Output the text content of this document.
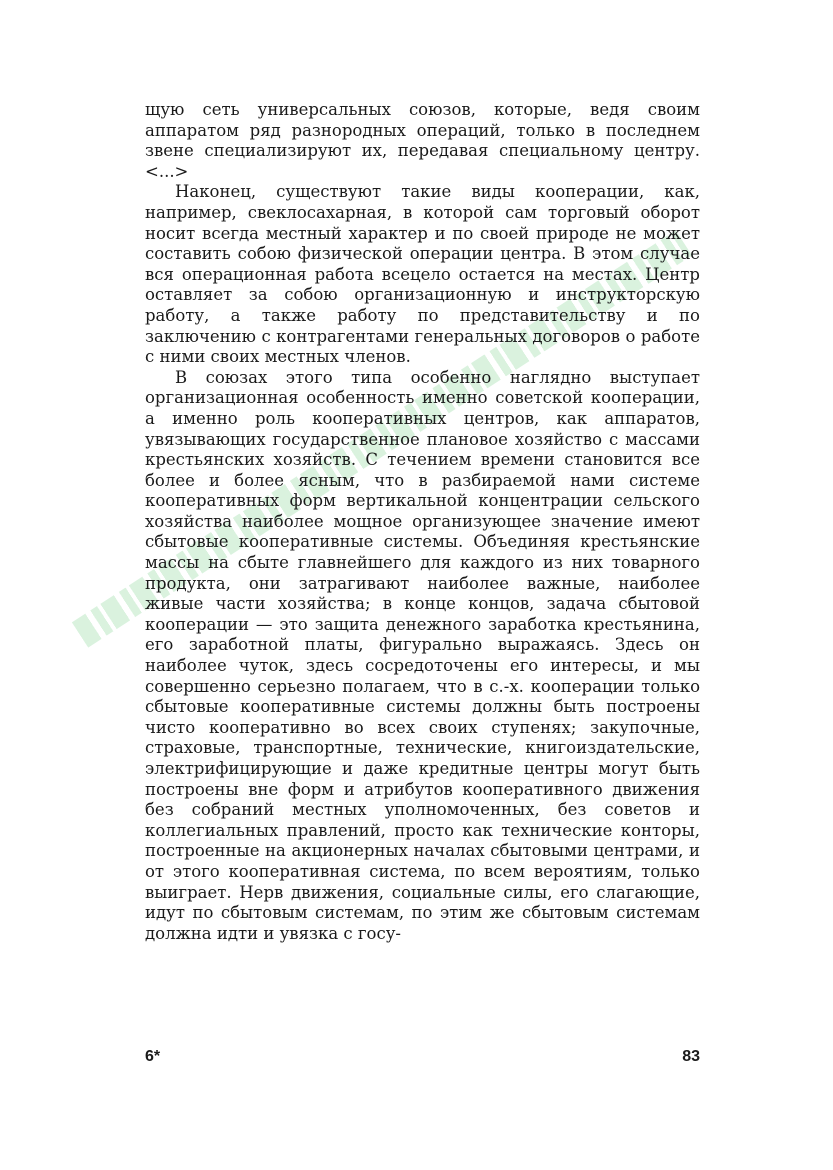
щую сеть универсальных союзов, которые, ведя своим аппаратом ряд разнородных операций, только в последнем звене специализируют их, передавая специальному центру. <...>

Наконец, существуют такие виды кооперации, как, например, свеклосахарная, в которой сам торговый оборот носит всегда местный характер и по своей природе не может составить собою физической операции центра. В этом случае вся операционная работа всецело остается на местах. Центр оставляет за собою организационную и инструкторскую работу, а также работу по представительству и по заключению с контрагентами генеральных договоров о работе с ними своих местных членов.

В союзах этого типа особенно наглядно выступает организационная особенность именно советской кооперации, а именно роль кооперативных центров, как аппаратов, увязывающих государственное плановое хозяйство с массами крестьянских хозяйств. С течением времени становится все более и более ясным, что в разбираемой нами системе кооперативных форм вертикальной концентрации сельского хозяйства наиболее мощное организующее значение имеют сбытовые кооперативные системы. Объединяя крестьянские массы на сбыте главнейшего для каждого из них товарного продукта, они затрагивают наиболее важные, наиболее живые части хозяйства; в конце концов, задача сбытовой кооперации — это защита денежного заработка крестьянина, его заработной платы, фигурально выражаясь. Здесь он наиболее чуток, здесь сосредоточены его интересы, и мы совершенно серьезно полагаем, что в с.-х. кооперации только сбытовые кооперативные системы должны быть построены чисто кооперативно во всех своих ступенях; закупочные, страховые, транспортные, технические, книгоиздательские, электрифицирующие и даже кредитные центры могут быть построены вне форм и атрибутов кооперативного движения без собраний местных уполномоченных, без советов и коллегиальных правлений, просто как технические конторы, построенные на акционерных началах сбытовыми центрами, и от этого кооперативная система, по всем вероятиям, только выиграет. Нерв движения, социальные силы, его слагающие, идут по сбытовым системам, по этим же сбытовым системам должна идти и увязка с госу-

6*	83
